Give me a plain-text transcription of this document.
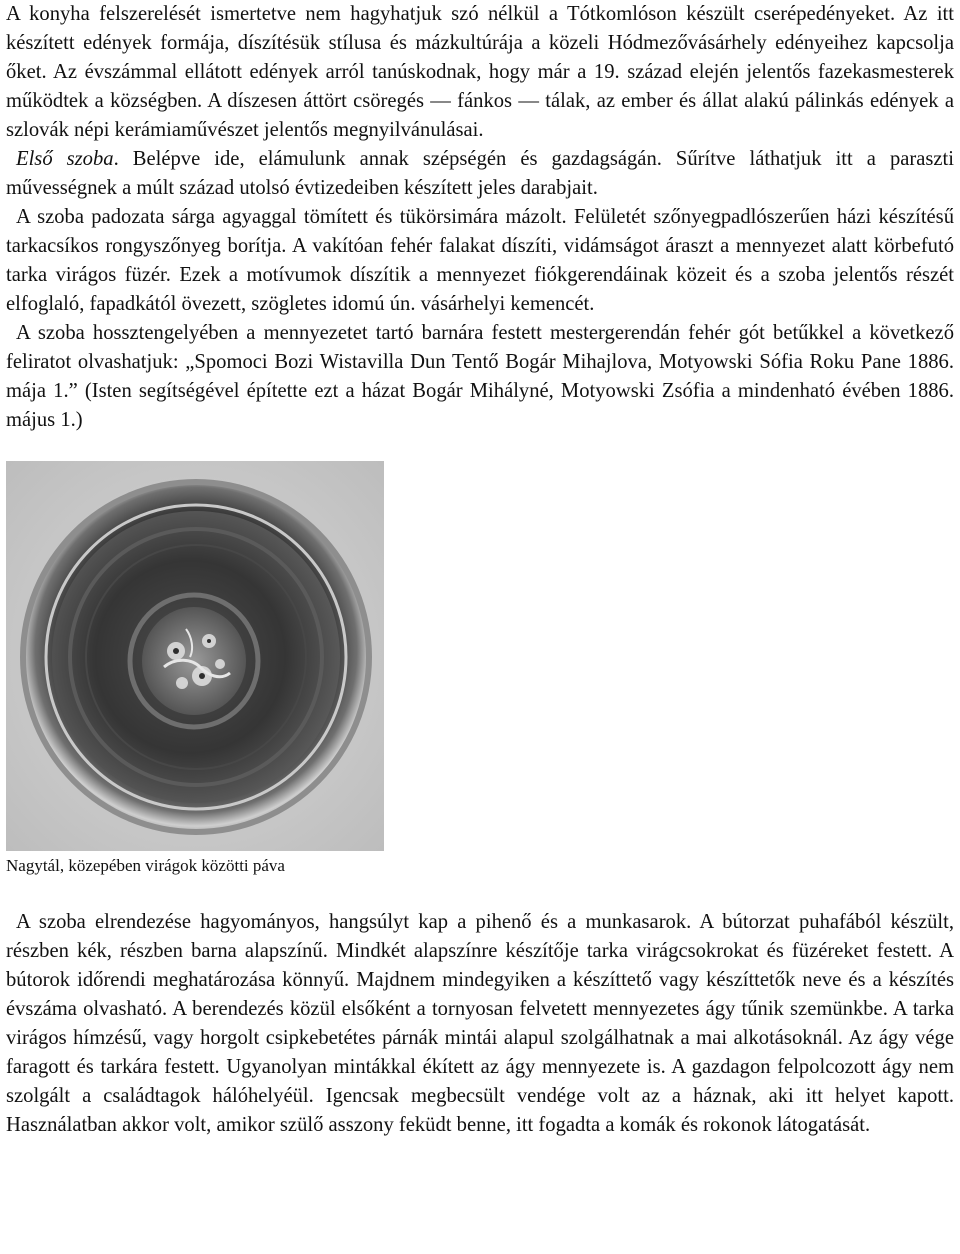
A konyha felszerelését ismertetve nem hagyhatjuk szó nélkül a Tótkomlóson készült cserépedényeket. Az itt készített edények formája, díszítésük stílusa és mázkultúrája a közeli Hódmezővásárhely edényeihez kapcsolja őket. Az évszámmal ellátott edények arról tanúskodnak, hogy már a 19. század elején jelentős fazekasmesterek működtek a községben. A díszesen áttört csöregés — fánkos — tálak, az ember és állat alakú pálinkás edények a szlovák népi kerámiaművészet jelentős megnyilvánulásai.

Első szoba. Belépve ide, elámulunk annak szépségén és gazdagságán. Sűrítve láthatjuk itt a paraszti művességnek a múlt század utolsó évtizedeiben készített jeles darabjait.

A szoba padozata sárga agyaggal tömített és tükörsimára mázolt. Felületét szőnyegpadlószerűen házi készítésű tarkacsíkos rongyszőnyeg borítja. A vakítóan fehér falakat díszíti, vidámságot áraszt a mennyezet alatt körbefutó tarka virágos füzér. Ezek a motívumok díszítik a mennyezet fiókgerendáinak közeit és a szoba jelentős részét elfoglaló, fapadkától övezett, szögletes idomú ún. vásárhelyi kemencét.

A szoba hossztengelyében a mennyezetet tartó barnára festett mestergerendán fehér gót betűkkel a következő feliratot olvashatjuk: „Spomoci Bozi Wistavilla Dun Tentő Bogár Mihajlova, Motyowski Sófia Roku Pane 1886. mája 1.” (Isten segítségével építette ezt a házat Bogár Mihályné, Motyowski Zsófia a mindenható évében 1886. május 1.)

Nagytál, közepében virágok közötti páva

A szoba elrendezése hagyományos, hangsúlyt kap a pihenő és a munkasarok. A bútorzat puhafából készült, részben kék, részben barna alapszínű. Mindkét alapszínre készítője tarka virágcsokrokat és füzéreket festett. A bútorok időrendi meghatározása könnyű. Majdnem mindegyiken a készíttető vagy készíttetők neve és a készítés évszáma olvasható. A berendezés közül elsőként a tornyosan felvetett mennyezetes ágy tűnik szemünkbe. A tarka virágos hímzésű, vagy horgolt csipkebetétes párnák mintái alapul szolgálhatnak a mai alkotásoknál. Az ágy vége faragott és tarkára festett. Ugyanolyan mintákkal ékített az ágy mennyezete is. A gazdagon felpolcozott ágy nem szolgált a családtagok hálóhelyéül. Igencsak megbecsült vendége volt az a háznak, aki itt helyet kapott. Használatban akkor volt, amikor szülő asszony feküdt benne, itt fogadta a komák és rokonok látogatását.
